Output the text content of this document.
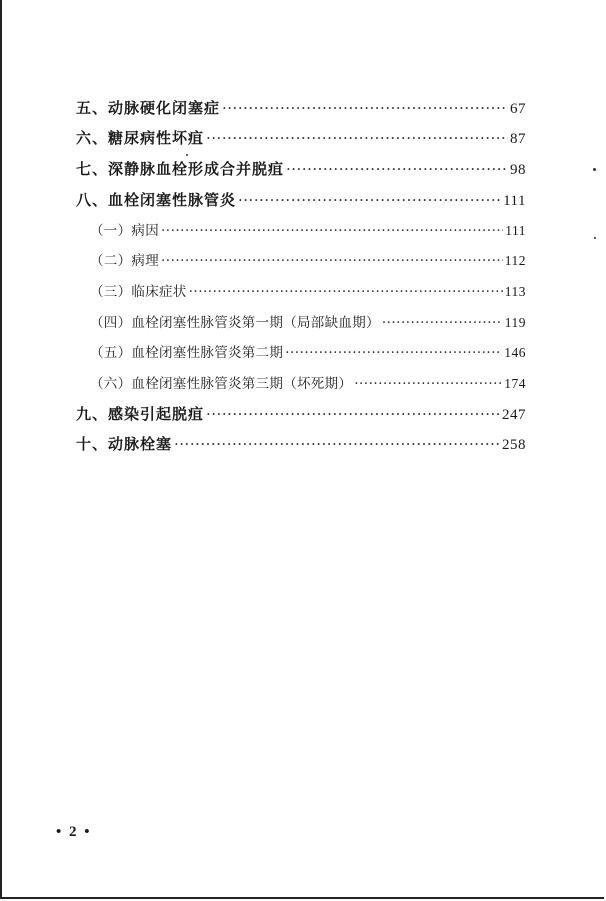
五、动脉硬化闭塞症 ·····	67
六、糖尿病性坏疽 ·····	87
七、深静脉血栓形成合并脱疽 ·····	98
八、血栓闭塞性脉管炎 ·····	111
（一）病因 ·····	111
（二）病理 ·····	112
（三）临床症状 ·····	113
（四）血栓闭塞性脉管炎第一期（局部缺血期） ·····	119
（五）血栓闭塞性脉管炎第二期 ·····	146
（六）血栓闭塞性脉管炎第三期（坏死期） ·····	174
九、感染引起脱疽 ·····	247
十、动脉栓塞 ·····	258
• 2 •
